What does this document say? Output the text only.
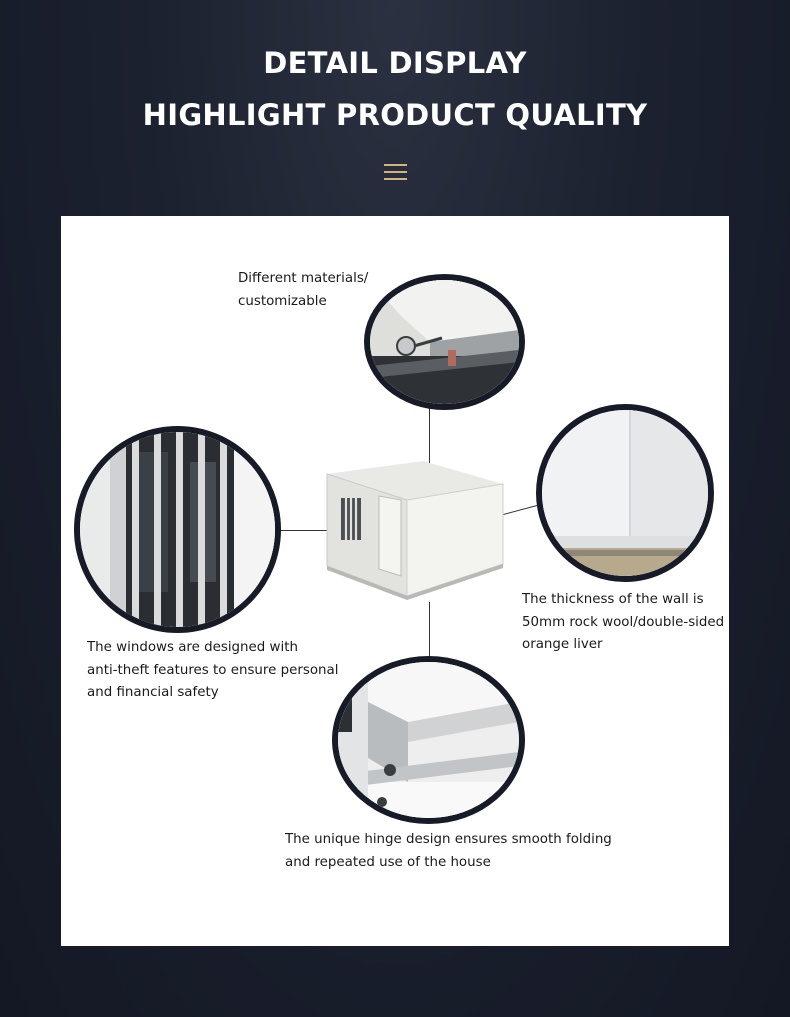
DETAIL DISPLAY
HIGHLIGHT PRODUCT QUALITY

Different materials/
customizable

The windows are designed with
anti-theft features to ensure personal
and financial safety

The thickness of the wall is
50mm rock wool/double-sided
orange liver

The unique hinge design ensures smooth folding
and repeated use of the house
